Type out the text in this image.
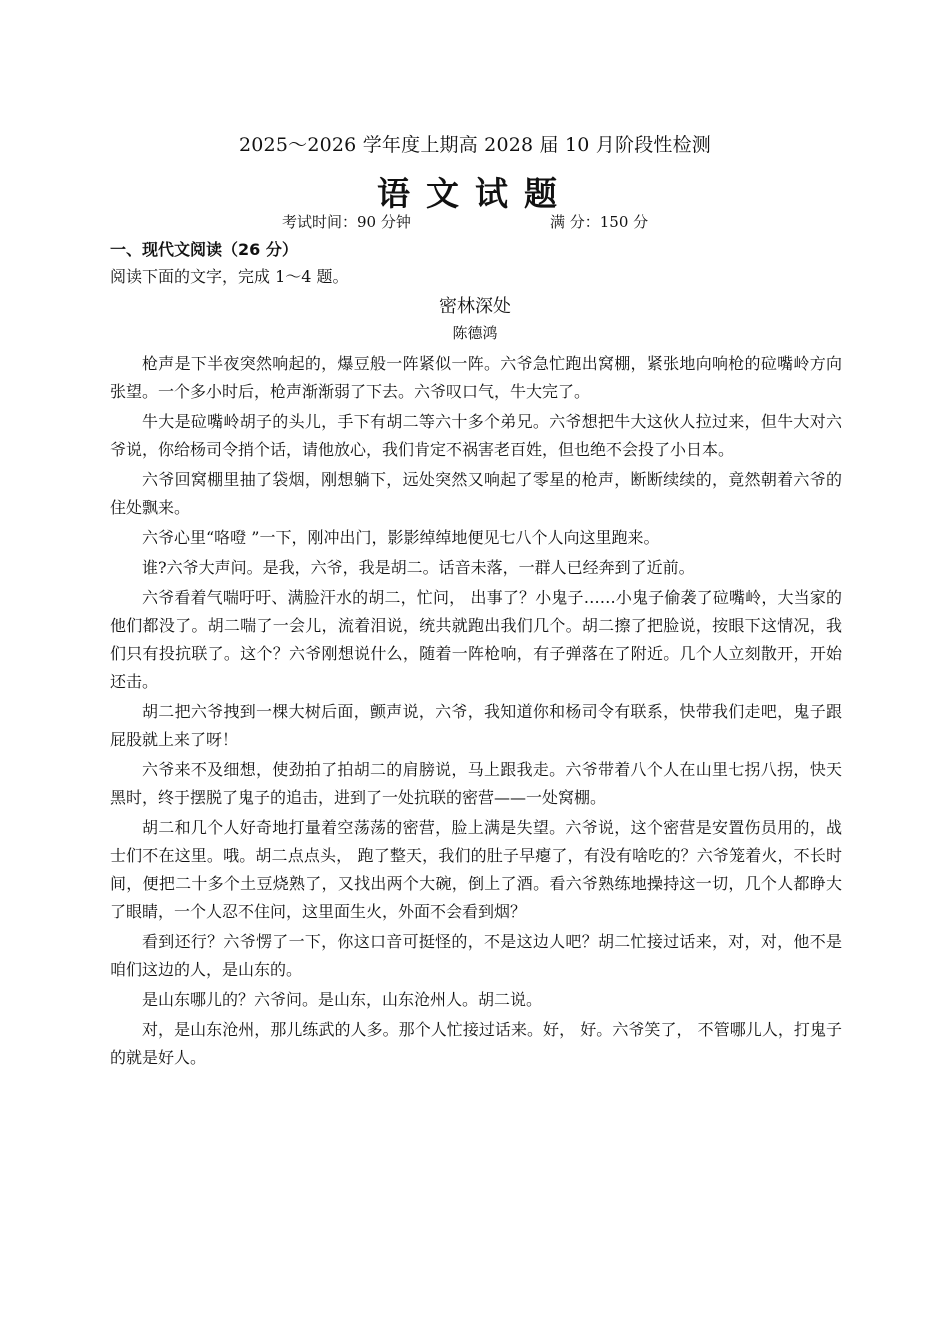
2025～2026 学年度上期高 2028 届 10 月阶段性检测
语文试题
考试时间：90 分钟	满 分：150 分
一、现代文阅读（26 分）
阅读下面的文字，完成 1～4 题。
密林深处
陈德鸿

枪声是下半夜突然响起的，爆豆般一阵紧似一阵。六爷急忙跑出窝棚，紧张地向响枪的砬嘴岭方向张望。一个多小时后，枪声渐渐弱了下去。六爷叹口气，牛大完了。

牛大是砬嘴岭胡子的头儿，手下有胡二等六十多个弟兄。六爷想把牛大这伙人拉过来，但牛大对六爷说，你给杨司令捎个话，请他放心，我们肯定不祸害老百姓，但也绝不会投了小日本。

六爷回窝棚里抽了袋烟，刚想躺下，远处突然又响起了零星的枪声，断断续续的，竟然朝着六爷的住处飘来。

六爷心里“咯噔 ”一下，刚冲出门，影影绰绰地便见七八个人向这里跑来。

谁?六爷大声问。是我，六爷，我是胡二。话音未落，一群人已经奔到了近前。

六爷看着气喘吁吁、满脸汗水的胡二，忙问， 出事了？小鬼子……小鬼子偷袭了砬嘴岭，大当家的他们都没了。胡二喘了一会儿，流着泪说，统共就跑出我们几个。胡二擦了把脸说，按眼下这情况，我们只有投抗联了。这个？六爷刚想说什么，随着一阵枪响，有子弹落在了附近。几个人立刻散开，开始还击。

胡二把六爷拽到一棵大树后面，颤声说，六爷，我知道你和杨司令有联系，快带我们走吧，鬼子跟屁股就上来了呀！

六爷来不及细想，使劲拍了拍胡二的肩膀说，马上跟我走。六爷带着八个人在山里七拐八拐，快天黑时，终于摆脱了鬼子的追击，进到了一处抗联的密营——一处窝棚。

胡二和几个人好奇地打量着空荡荡的密营，脸上满是失望。六爷说，这个密营是安置伤员用的，战士们不在这里。哦。胡二点点头， 跑了整天，我们的肚子早瘪了，有没有啥吃的？六爷笼着火，不长时间，便把二十多个土豆烧熟了，又找出两个大碗，倒上了酒。看六爷熟练地操持这一切，几个人都睁大了眼睛，一个人忍不住问，这里面生火，外面不会看到烟？

看到还行？六爷愣了一下，你这口音可挺怪的，不是这边人吧？胡二忙接过话来，对，对，他不是咱们这边的人，是山东的。

是山东哪儿的？六爷问。是山东，山东沧州人。胡二说。

对，是山东沧州，那儿练武的人多。那个人忙接过话来。好， 好。六爷笑了， 不管哪儿人，打鬼子的就是好人。
